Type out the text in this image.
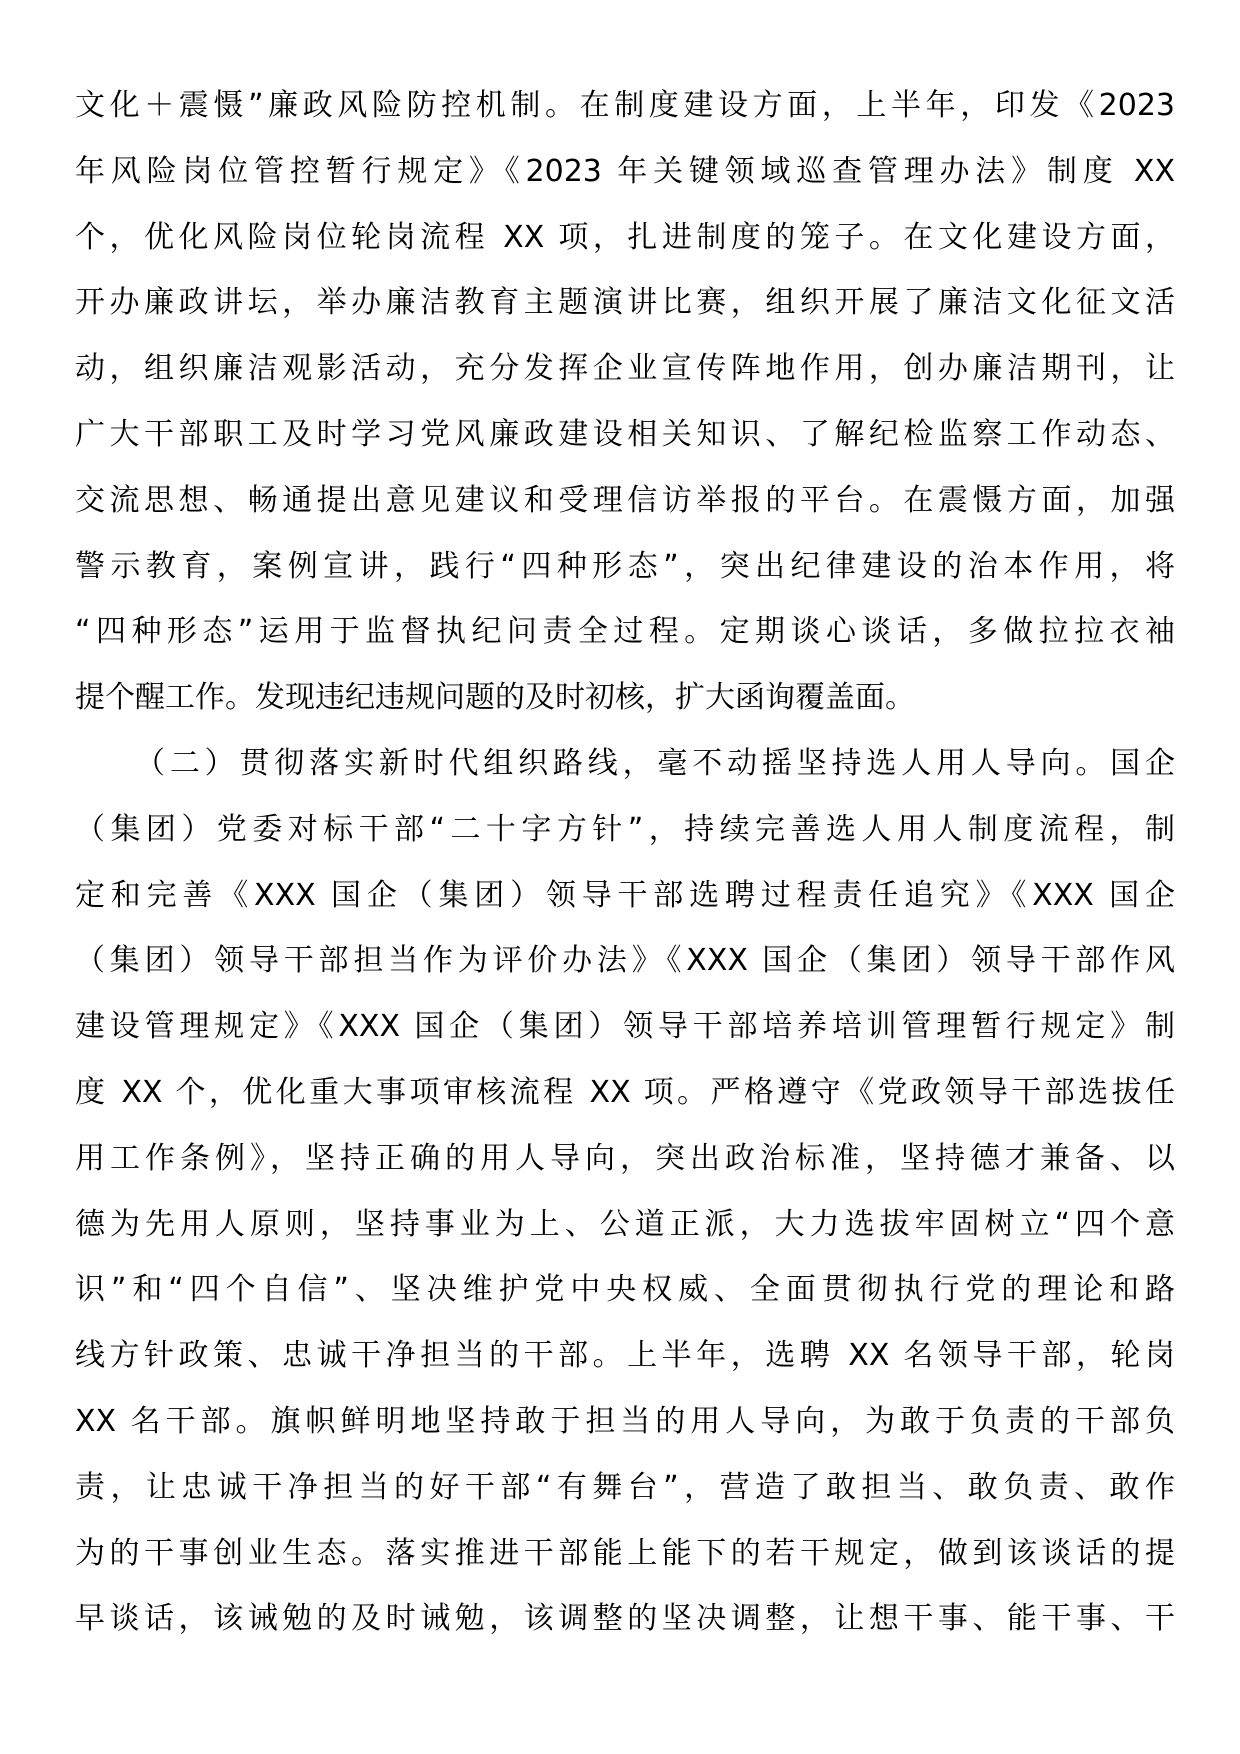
文化＋震慑”廉政风险防控机制。在制度建设方面，上半年，印发《2023
年风险岗位管控暂行规定》《2023 年关键领域巡查管理办法》制度 XX
个，优化风险岗位轮岗流程 XX 项，扎进制度的笼子。在文化建设方面，
开办廉政讲坛，举办廉洁教育主题演讲比赛，组织开展了廉洁文化征文活
动，组织廉洁观影活动，充分发挥企业宣传阵地作用，创办廉洁期刊，让
广大干部职工及时学习党风廉政建设相关知识、了解纪检监察工作动态、
交流思想、畅通提出意见建议和受理信访举报的平台。在震慑方面，加强
警示教育，案例宣讲，践行“四种形态”，突出纪律建设的治本作用，将
“四种形态”运用于监督执纪问责全过程。定期谈心谈话，多做拉拉衣袖
提个醒工作。发现违纪违规问题的及时初核，扩大函询覆盖面。
（二）贯彻落实新时代组织路线，毫不动摇坚持选人用人导向。国企
（集团）党委对标干部“二十字方针”，持续完善选人用人制度流程，制
定和完善《XXX 国企（集团）领导干部选聘过程责任追究》《XXX 国企
（集团）领导干部担当作为评价办法》《XXX 国企（集团）领导干部作风
建设管理规定》《XXX 国企（集团）领导干部培养培训管理暂行规定》制
度 XX 个，优化重大事项审核流程 XX 项。严格遵守《党政领导干部选拔任
用工作条例》，坚持正确的用人导向，突出政治标准，坚持德才兼备、以
德为先用人原则，坚持事业为上、公道正派，大力选拔牢固树立“四个意
识”和“四个自信”、坚决维护党中央权威、全面贯彻执行党的理论和路
线方针政策、忠诚干净担当的干部。上半年，选聘 XX 名领导干部，轮岗
XX 名干部。旗帜鲜明地坚持敢于担当的用人导向，为敢于负责的干部负
责，让忠诚干净担当的好干部“有舞台”，营造了敢担当、敢负责、敢作
为的干事创业生态。落实推进干部能上能下的若干规定，做到该谈话的提
早谈话，该诫勉的及时诫勉，该调整的坚决调整，让想干事、能干事、干
